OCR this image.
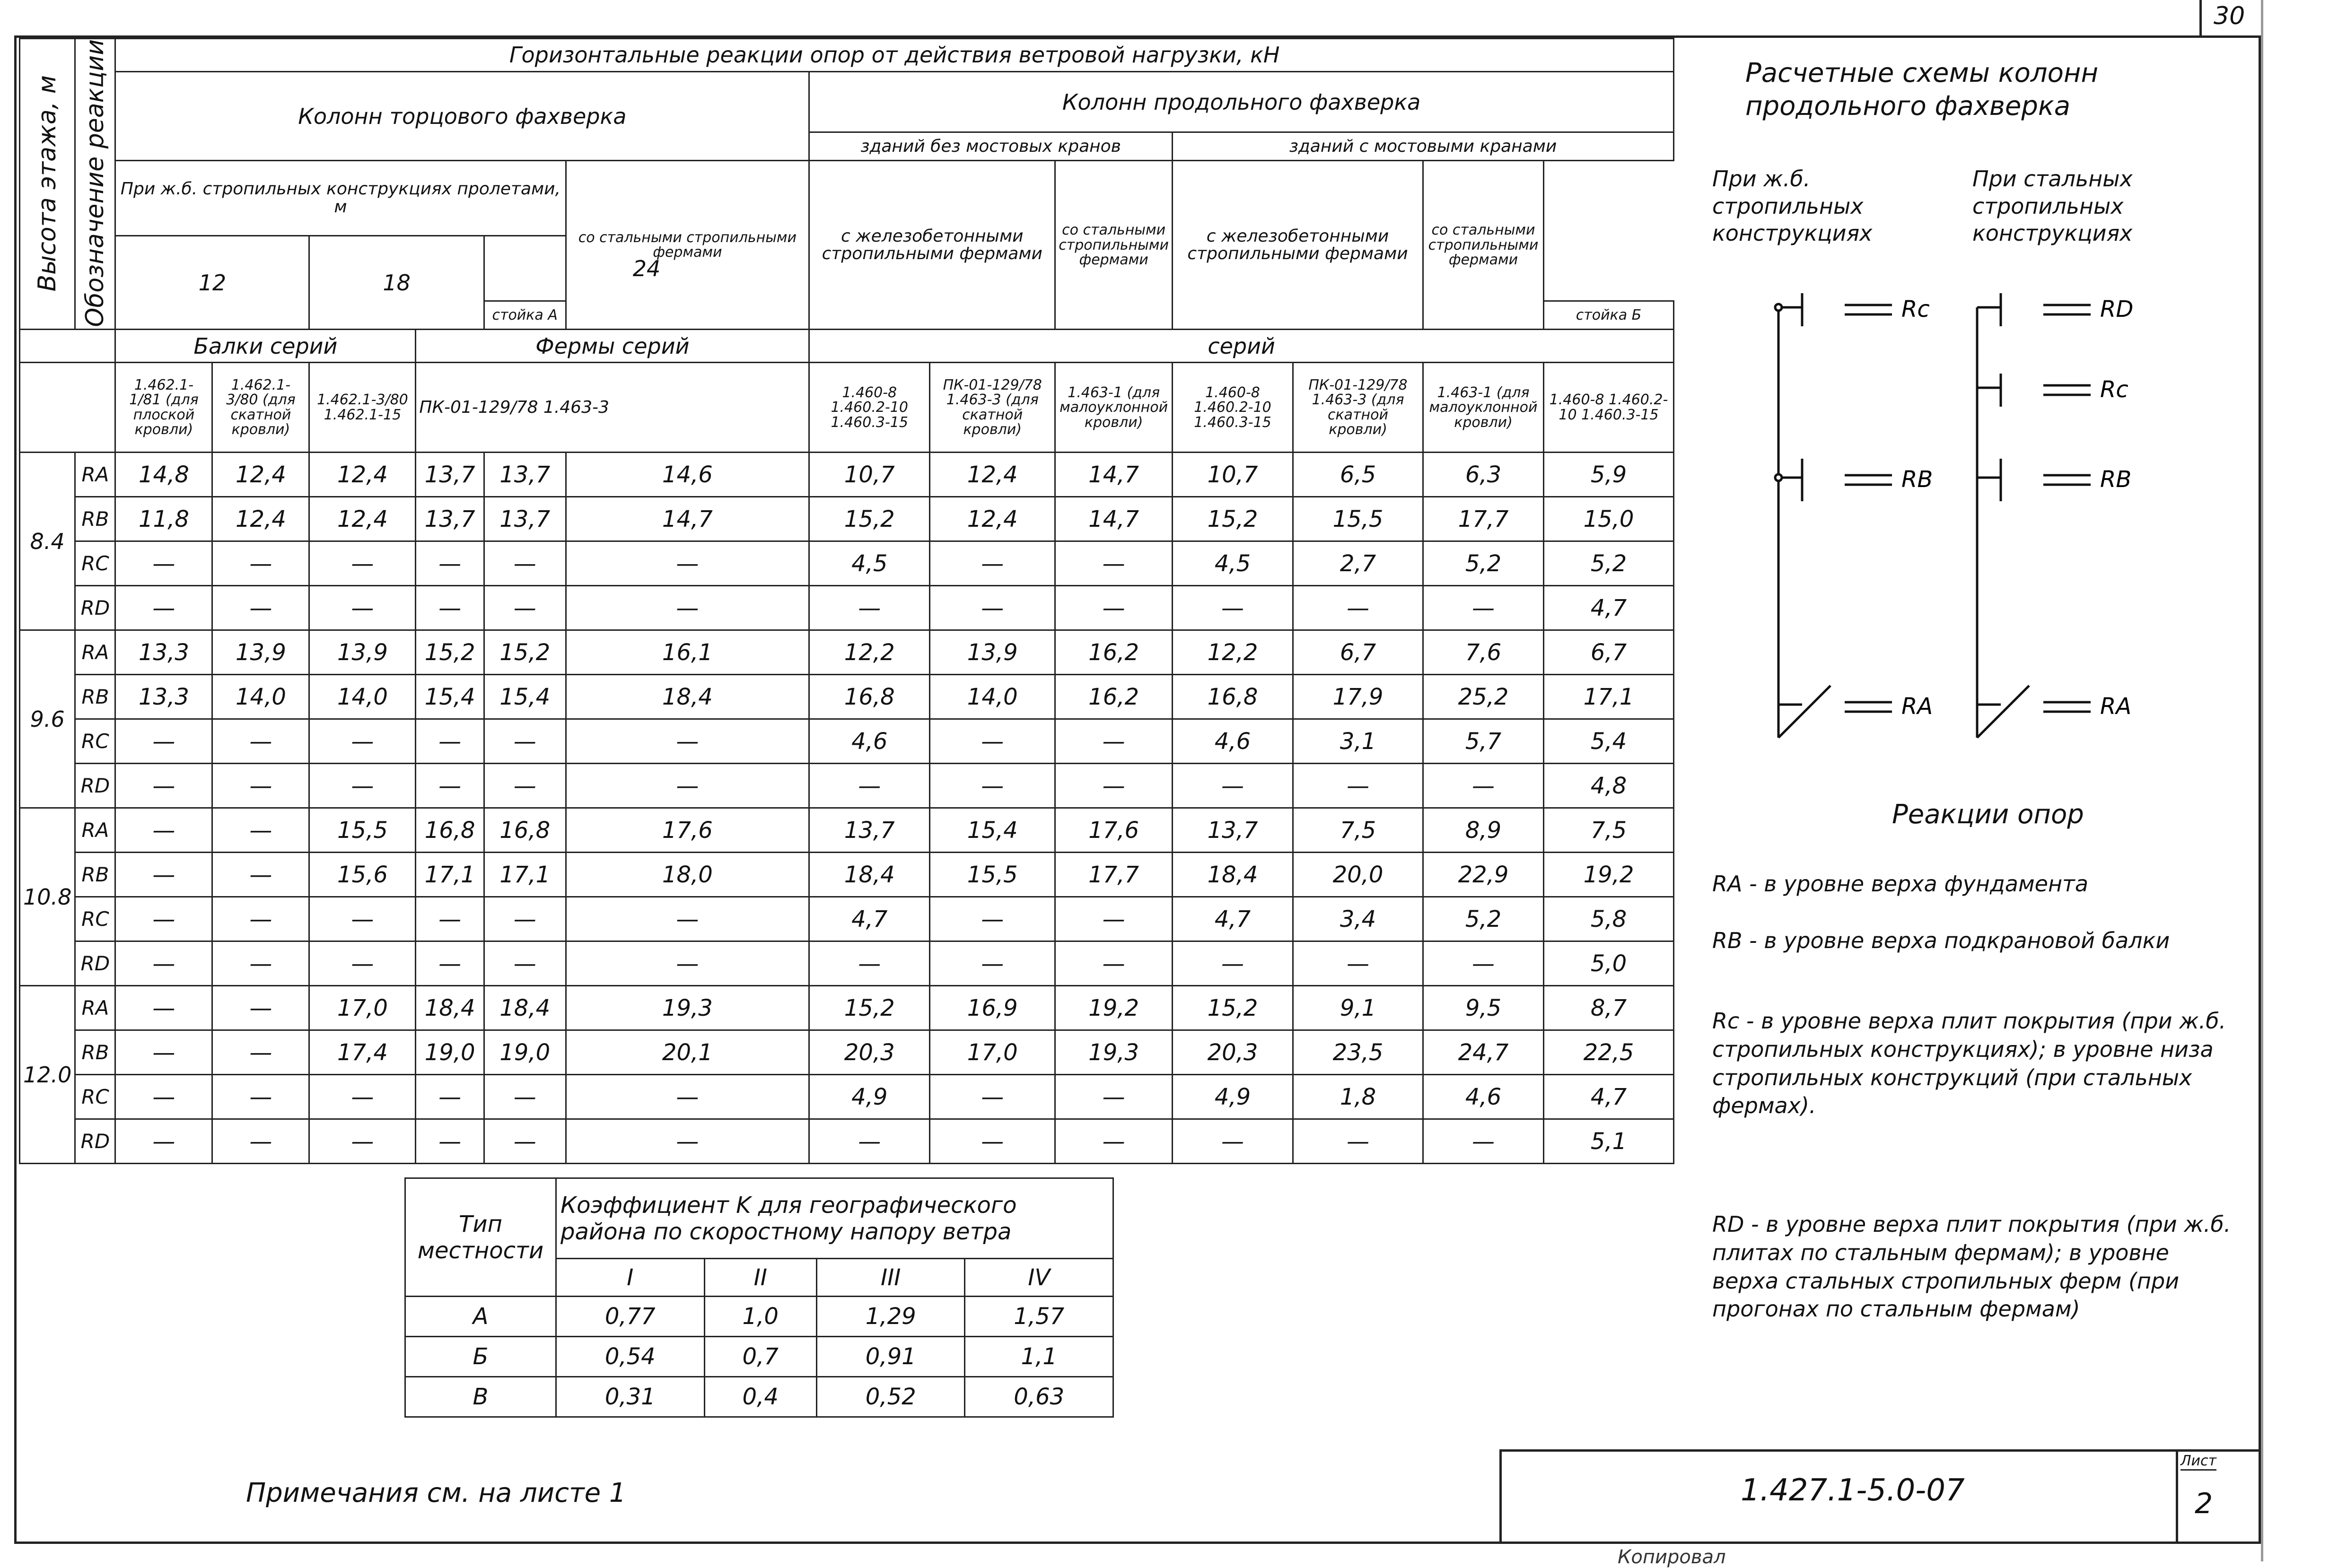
30
Высота этажа, м	Обозначение реакции	Горизонтальные реакции опор от действия ветровой нагрузки, кН												
		Колонн торцового фахверка						Колонн продольного фахверка						
								зданий без мостовых кранов			зданий с мостовыми кранами			
		При ж.б. стропильных конструкциях пролетами, м					со стальными стропильными фермами	с железобетонными стропильными фермами		со стальными стропильными фермами	с железобетонными стропильными фермами		со стальными стропильными фермами	
		12		18		24								
						стойка А								стойка Б
		Балки серий			Фермы серий			серий						
		1.462.1-1/81 (для плоской кровли)	1.462.1-3/80 (для скатной кровли)	1.462.1-3/80 1.462.1-15	ПК-01-129/78 1.463-3			1.460-8 1.460.2-10 1.460.3-15	ПК-01-129/78 1.463-3 (для скатной кровли)	1.463-1 (для малоуклонной кровли)	1.460-8 1.460.2-10 1.460.3-15	ПК-01-129/78 1.463-3 (для скатной кровли)	1.463-1 (для малоуклонной кровли)	1.460-8 1.460.2-10 1.460.3-15
8.4	RА	14,8	12,4	12,4	13,7	13,7	14,6	10,7	12,4	14,7	10,7	6,5	6,3	5,9
	RВ	11,8	12,4	12,4	13,7	13,7	14,7	15,2	12,4	14,7	15,2	15,5	17,7	15,0
	RС	—	—	—	—	—	—	4,5	—	—	4,5	2,7	5,2	5,2
	RD	—	—	—	—	—	—	—	—	—	—	—	—	4,7
9.6	RА	13,3	13,9	13,9	15,2	15,2	16,1	12,2	13,9	16,2	12,2	6,7	7,6	6,7
	RВ	13,3	14,0	14,0	15,4	15,4	18,4	16,8	14,0	16,2	16,8	17,9	25,2	17,1
	RС	—	—	—	—	—	—	4,6	—	—	4,6	3,1	5,7	5,4
	RD	—	—	—	—	—	—	—	—	—	—	—	—	4,8
10.8	RА	—	—	15,5	16,8	16,8	17,6	13,7	15,4	17,6	13,7	7,5	8,9	7,5
	RВ	—	—	15,6	17,1	17,1	18,0	18,4	15,5	17,7	18,4	20,0	22,9	19,2
	RС	—	—	—	—	—	—	4,7	—	—	4,7	3,4	5,2	5,8
	RD	—	—	—	—	—	—	—	—	—	—	—	—	5,0
12.0	RА	—	—	17,0	18,4	18,4	19,3	15,2	16,9	19,2	15,2	9,1	9,5	8,7
	RВ	—	—	17,4	19,0	19,0	20,1	20,3	17,0	19,3	20,3	23,5	24,7	22,5
	RС	—	—	—	—	—	—	4,9	—	—	4,9	1,8	4,6	4,7
	RD	—	—	—	—	—	—	—	—	—	—	—	—	5,1
Тип местности	Коэффициент K для географического района по скоростному напору ветра			
	I	II	III	IV
А	0,77	1,0	1,29	1,57
Б	0,54	0,7	0,91	1,1
В	0,31	0,4	0,52	0,63
Расчетные схемы колонн продольного фахверка
При ж.б. стропильных конструкциях
При стальных стропильных конструкциях
Rc
RB
RA
RD
Rc
RB
RA
Реакции опор
RA - в уровне верха фундамента
RB - в уровне верха подкрановой балки
Rc - в уровне верха плит покрытия (при ж.б. стропильных конструкциях); в уровне низа стропильных конструкций (при стальных фермах).
RD - в уровне верха плит покрытия (при ж.б. плитах по стальным фермам); в уровне верха стальных стропильных ферм (при прогонах по стальным фермам)
Примечания см. на листе 1	1.427.1-5.0-07
Лист
2
Копировал
